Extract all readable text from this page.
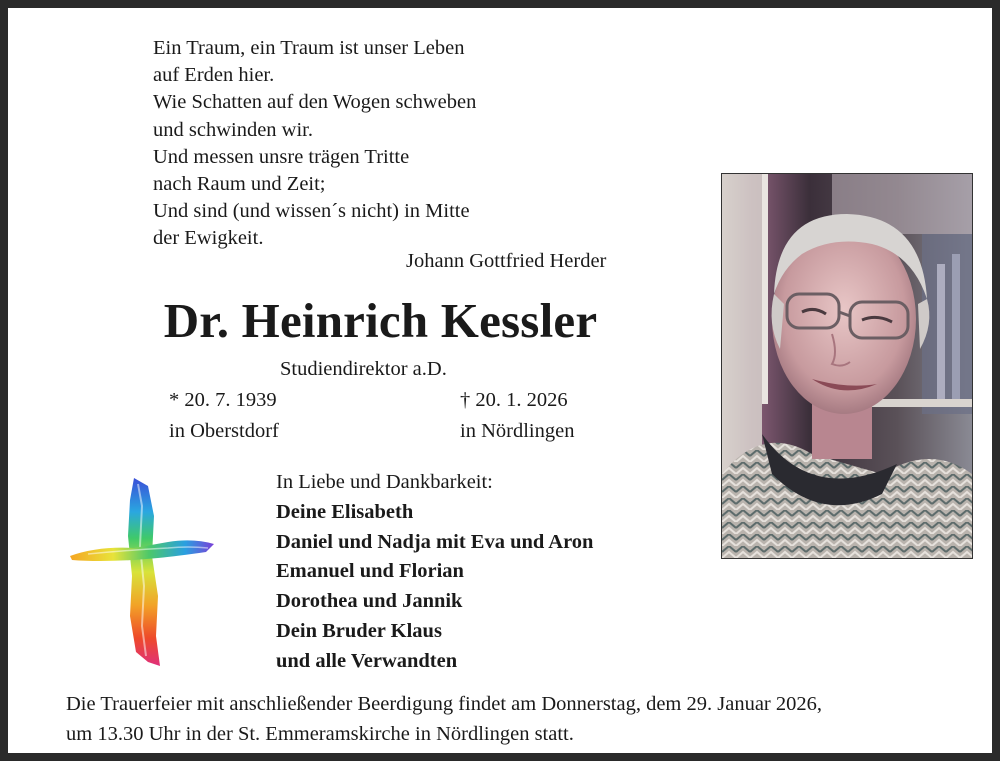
Ein Traum, ein Traum ist unser Leben
auf Erden hier.
Wie Schatten auf den Wogen schweben
und schwinden wir.
Und messen unsre trägen Tritte
nach Raum und Zeit;
Und sind (und wissen´s nicht) in Mitte
der Ewigkeit.
Johann Gottfried Herder
Dr. Heinrich Kessler
Studiendirektor a.D.
* 20. 7. 1939
in Oberstdorf
† 20. 1. 2026
in Nördlingen
In Liebe und Dankbarkeit:
Deine Elisabeth
Daniel und Nadja mit Eva und Aron
Emanuel und Florian
Dorothea und Jannik
Dein Bruder Klaus
und alle Verwandten
Die Trauerfeier mit anschließender Beerdigung findet am Donnerstag, dem 29. Januar 2026,
um 13.30 Uhr in der St. Emmeramskirche in Nördlingen statt.
